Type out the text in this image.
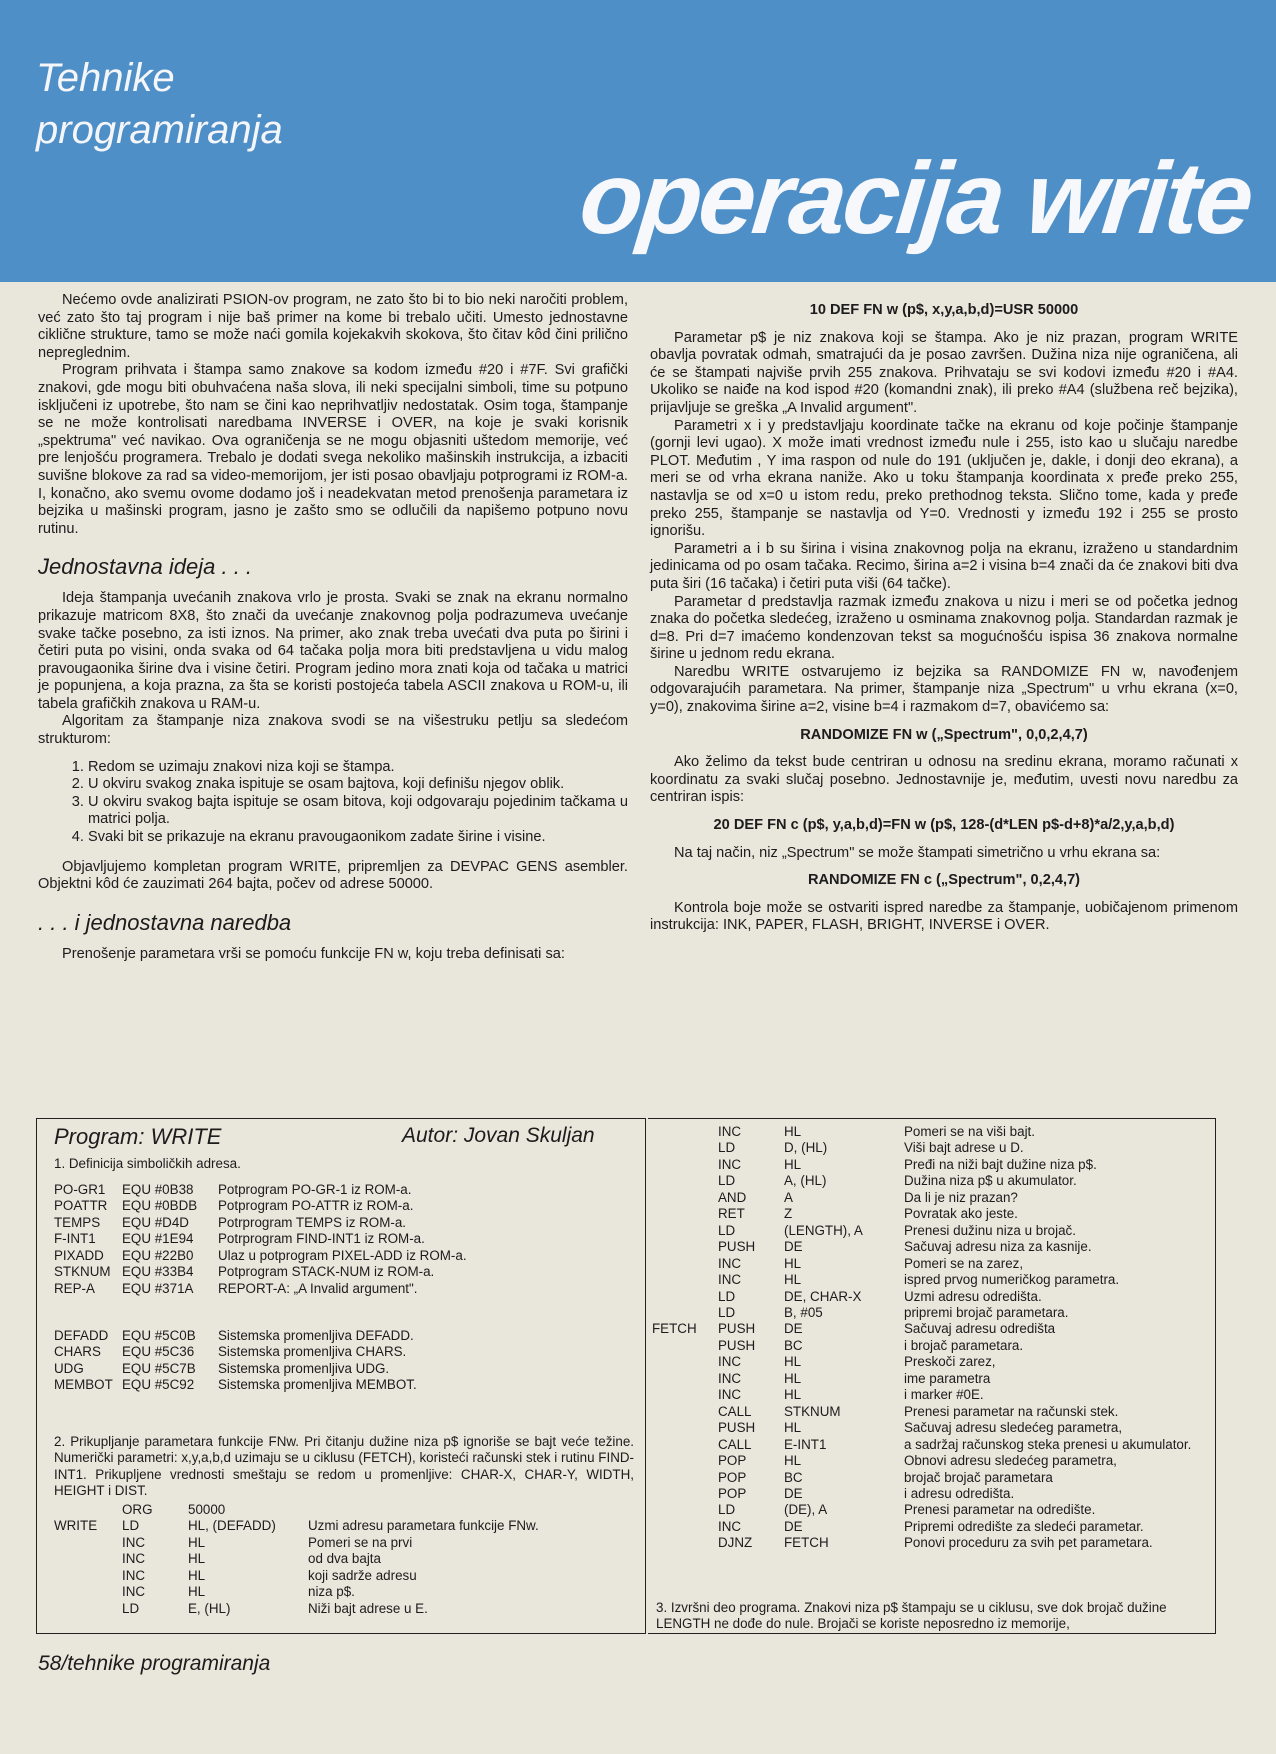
Tehnike
programiranja
operacija write

Nećemo ovde analizirati PSION-ov program, ne zato što bi to bio neki naročiti problem, već zato što taj program i nije baš primer na kome bi trebalo učiti. Umesto jednostavne ciklične strukture, tamo se može naći gomila kojekakvih skokova, što čitav kôd čini prilično nepreglednim.

Program prihvata i štampa samo znakove sa kodom između #20 i #7F. Svi grafički znakovi, gde mogu biti obuhvaćena naša slova, ili neki specijalni simboli, time su potpuno isključeni iz upotrebe, što nam se čini kao neprihvatljiv nedostatak. Osim toga, štampanje se ne može kontrolisati naredbama INVERSE i OVER, na koje je svaki korisnik „spektruma" već navikao. Ova ograničenja se ne mogu objasniti uštedom memorije, već pre lenjošću programera. Trebalo je dodati svega nekoliko mašinskih instrukcija, a izbaciti suvišne blokove za rad sa video-memorijom, jer isti posao obavljaju potprogrami iz ROM-a. I, konačno, ako svemu ovome dodamo još i neadekvatan metod prenošenja parametara iz bejzika u mašinski program, jasno je zašto smo se odlučili da napišemo potpuno novu rutinu.

Jednostavna ideja . . .

Ideja štampanja uvećanih znakova vrlo je prosta. Svaki se znak na ekranu normalno prikazuje matricom 8X8, što znači da uvećanje znakovnog polja podrazumeva uvećanje svake tačke posebno, za isti iznos. Na primer, ako znak treba uvećati dva puta po širini i četiri puta po visini, onda svaka od 64 tačaka polja mora biti predstavljena u vidu malog pravougaonika širine dva i visine četiri. Program jedino mora znati koja od tačaka u matrici je popunjena, a koja prazna, za šta se koristi postojeća tabela ASCII znakova u ROM-u, ili tabela grafičkih znakova u RAM-u.

Algoritam za štampanje niza znakova svodi se na višestruku petlju sa sledećom strukturom:

1. Redom se uzimaju znakovi niza koji se štampa.
2. U okviru svakog znaka ispituje se osam bajtova, koji definišu njegov oblik.
3. U okviru svakog bajta ispituje se osam bitova, koji odgovaraju pojedinim tačkama u matrici polja.
4. Svaki bit se prikazuje na ekranu pravougaonikom zadate širine i visine.

Objavljujemo kompletan program WRITE, pripremljen za DEVPAC GENS asembler. Objektni kôd će zauzimati 264 bajta, počev od adrese 50000.

. . . i jednostavna naredba

Prenošenje parametara vrši se pomoću funkcije FN w, koju treba definisati sa:

10 DEF FN w (p$, x,y,a,b,d)=USR 50000

Parametar p$ je niz znakova koji se štampa. Ako je niz prazan, program WRITE obavlja povratak odmah, smatrajući da je posao završen. Dužina niza nije ograničena, ali će se štampati najviše prvih 255 znakova. Prihvataju se svi kodovi između #20 i #A4. Ukoliko se naiđe na kod ispod #20 (komandni znak), ili preko #A4 (službena reč bejzika), prijavljuje se greška „A Invalid argument".

Parametri x i y predstavljaju koordinate tačke na ekranu od koje počinje štampanje (gornji levi ugao). X može imati vrednost između nule i 255, isto kao u slučaju naredbe PLOT. Međutim , Y ima raspon od nule do 191 (uključen je, dakle, i donji deo ekrana), a meri se od vrha ekrana naniže. Ako u toku štampanja koordinata x pređe preko 255, nastavlja se od x=0 u istom redu, preko prethodnog teksta. Slično tome, kada y pređe preko 255, štampanje se nastavlja od Y=0. Vrednosti y između 192 i 255 se prosto ignorišu.

Parametri a i b su širina i visina znakovnog polja na ekranu, izraženo u standardnim jedinicama od po osam tačaka. Recimo, širina a=2 i visina b=4 znači da će znakovi biti dva puta širi (16 tačaka) i četiri puta viši (64 tačke).

Parametar d predstavlja razmak između znakova u nizu i meri se od početka jednog znaka do početka sledećeg, izraženo u osminama znakovnog polja. Standardan razmak je d=8. Pri d=7 imaćemo kondenzovan tekst sa mogućnošću ispisa 36 znakova normalne širine u jednom redu ekrana.

Naredbu WRITE ostvarujemo iz bejzika sa RANDOMIZE FN w, navođenjem odgovarajućih parametara. Na primer, štampanje niza „Spectrum" u vrhu ekrana (x=0, y=0), znakovima širine a=2, visine b=4 i razmakom d=7, obavićemo sa:

RANDOMIZE FN w („Spectrum", 0,0,2,4,7)

Ako želimo da tekst bude centriran u odnosu na sredinu ekrana, moramo računati x koordinatu za svaki slučaj posebno. Jednostavnije je, međutim, uvesti novu naredbu za centriran ispis:

20 DEF FN c (p$, y,a,b,d)=FN w (p$, 128-(d*LEN p$-d+8)*a/2,y,a,b,d)

Na taj način, niz „Spectrum" se može štampati simetrično u vrhu ekrana sa:

RANDOMIZE FN c („Spectrum", 0,2,4,7)

Kontrola boje može se ostvariti ispred naredbe za štampanje, uobičajenom primenom instrukcija: INK, PAPER, FLASH, BRIGHT, INVERSE i OVER.

Program: WRITE	Autor: Jovan Skuljan
1. Definicija simboličkih adresa.
PO-GR1	EQU #0B38	Potprogram PO-GR-1 iz ROM-a.
POATTR	EQU #0BDB	Potprogram PO-ATTR iz ROM-a.
TEMPS	EQU #D4D	Potrprogram TEMPS iz ROM-a.
F-INT1	EQU #1E94	Potrprogram FIND-INT1 iz ROM-a.
PIXADD	EQU #22B0	Ulaz u potprogram PIXEL-ADD iz ROM-a.
STKNUM EQU #33B4	Potprogram STACK-NUM iz ROM-a.
REP-A	EQU #371A	REPORT-A: „A Invalid argument".
DEFADD	EQU #5C0B	Sistemska promenljiva DEFADD.
CHARS	EQU #5C36	Sistemska promenljiva CHARS.
UDG	EQU #5C7B	Sistemska promenljiva UDG.
MEMBOT EQU #5C92	Sistemska promenljiva MEMBOT.
2. Prikupljanje parametara funkcije FNw. Pri čitanju dužine niza p$ ignoriše se bajt veće težine. Numerički parametri: x,y,a,b,d uzimaju se u ciklusu (FETCH), koristeći računski stek i rutinu FIND-INT1. Prikupljene vrednosti smeštaju se redom u promenljive: CHAR-X, CHAR-Y, WIDTH, HEIGHT i DIST.
ORG	50000
WRITE	LD	HL, (DEFADD)	Uzmi adresu parametara funkcije FNw.
INC	HL	Pomeri se na prvi
INC	HL	od dva bajta
INC	HL	koji sadrže adresu
INC	HL	niza p$.
LD	E, (HL)	Niži bajt adrese u E.
INC	HL	Pomeri se na viši bajt.
LD	D, (HL)	Viši bajt adrese u D.
INC	HL	Pređi na niži bajt dužine niza p$.
LD	A, (HL)	Dužina niza p$ u akumulator.
AND	A	Da li je niz prazan?
RET	Z	Povratak ako jeste.
LD	(LENGTH), A	Prenesi dužinu niza u brojač.
PUSH	DE	Sačuvaj adresu niza za kasnije.
INC	HL	Pomeri se na zarez,
INC	HL	ispred prvog numeričkog parametra.
LD	DE, CHAR-X	Uzmi adresu odredišta.
LD	B, #05	pripremi brojač parametara.
FETCH	PUSH	DE	Sačuvaj adresu odredišta
PUSH	BC	i brojač parametara.
INC	HL	Preskoči zarez,
INC	HL	ime parametra
INC	HL	i marker #0E.
CALL	STKNUM	Prenesi parametar na računski stek.
PUSH	HL	Sačuvaj adresu sledećeg parametra,
CALL	E-INT1	a sadržaj računskog steka prenesi u akumulator.
POP	HL	Obnovi adresu sledećeg parametra,
POP	BC	brojač brojač parametara
POP	DE	i adresu odredišta.
LD	(DE), A	Prenesi parametar na odredište.
INC	DE	Pripremi odredište za sledeći parametar.
DJNZ	FETCH	Ponovi proceduru za svih pet parametara.
3. Izvršni deo programa. Znakovi niza p$ štampaju se u ciklusu, sve dok brojač dužine LENGTH ne dođe do nule. Brojači se koriste neposredno iz memorije,
58/tehnike programiranja
